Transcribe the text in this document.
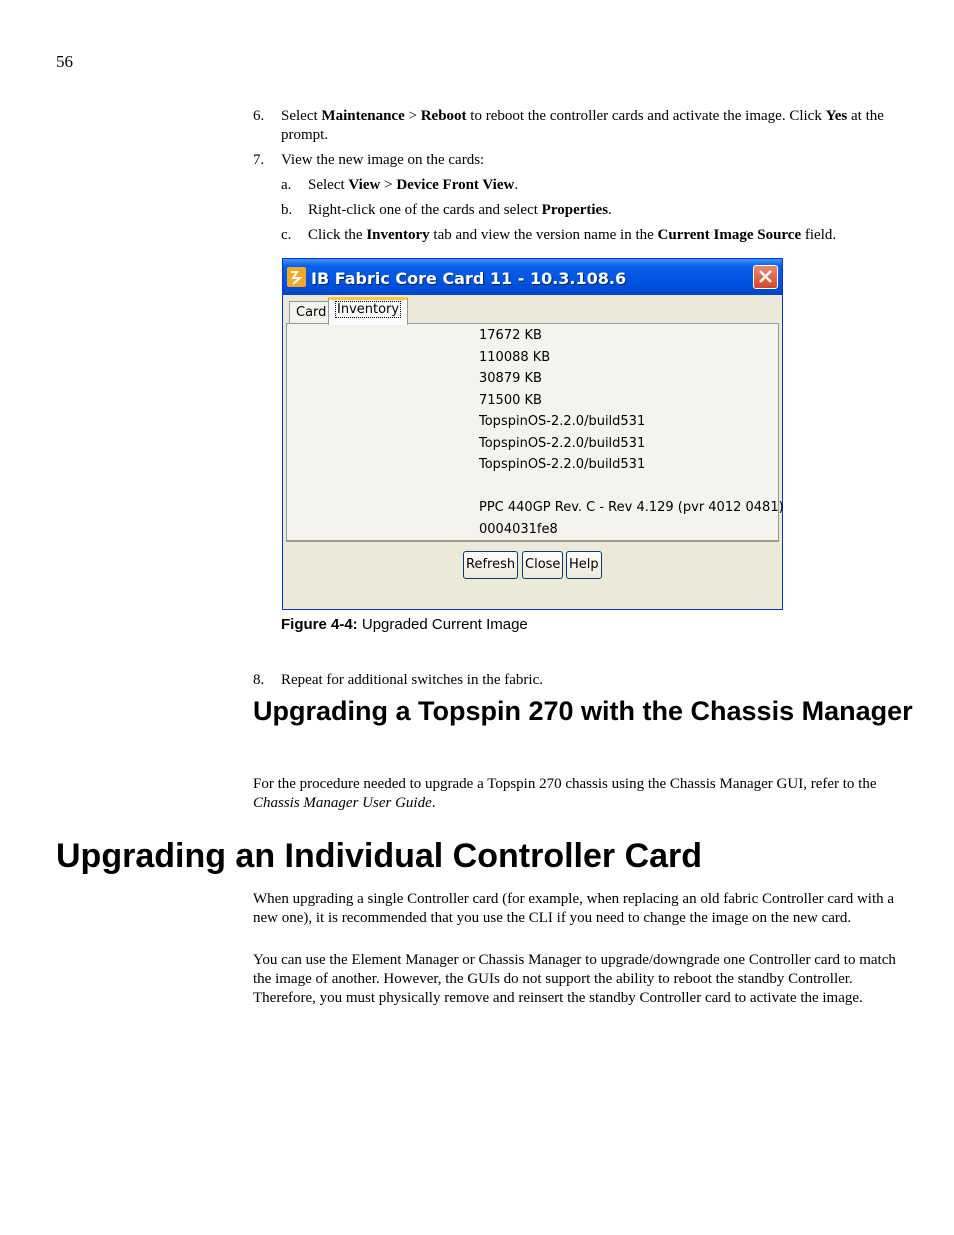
56
6. Select Maintenance > Reboot to reboot the controller cards and activate the image. Click Yes at the prompt.
7. View the new image on the cards:
a. Select View > Device Front View.
b. Right-click one of the cards and select Properties.
c. Click the Inventory tab and view the version name in the Current Image Source field.
IB Fabric Core Card 11 - 10.3.108.6
Card Inventory
17672 KB
110088 KB
30879 KB
71500 KB
TopspinOS-2.2.0/build531
TopspinOS-2.2.0/build531
TopspinOS-2.2.0/build531
PPC 440GP Rev. C - Rev 4.129 (pvr 4012 0481)
0004031fe8
Refresh Close Help
Figure 4-4: Upgraded Current Image
8. Repeat for additional switches in the fabric.
Upgrading a Topspin 270 with the Chassis Manager
For the procedure needed to upgrade a Topspin 270 chassis using the Chassis Manager GUI, refer to the Chassis Manager User Guide.
Upgrading an Individual Controller Card
When upgrading a single Controller card (for example, when replacing an old fabric Controller card with a new one), it is recommended that you use the CLI if you need to change the image on the new card.
You can use the Element Manager or Chassis Manager to upgrade/downgrade one Controller card to match the image of another. However, the GUIs do not support the ability to reboot the standby Controller. Therefore, you must physically remove and reinsert the standby Controller card to activate the image.
